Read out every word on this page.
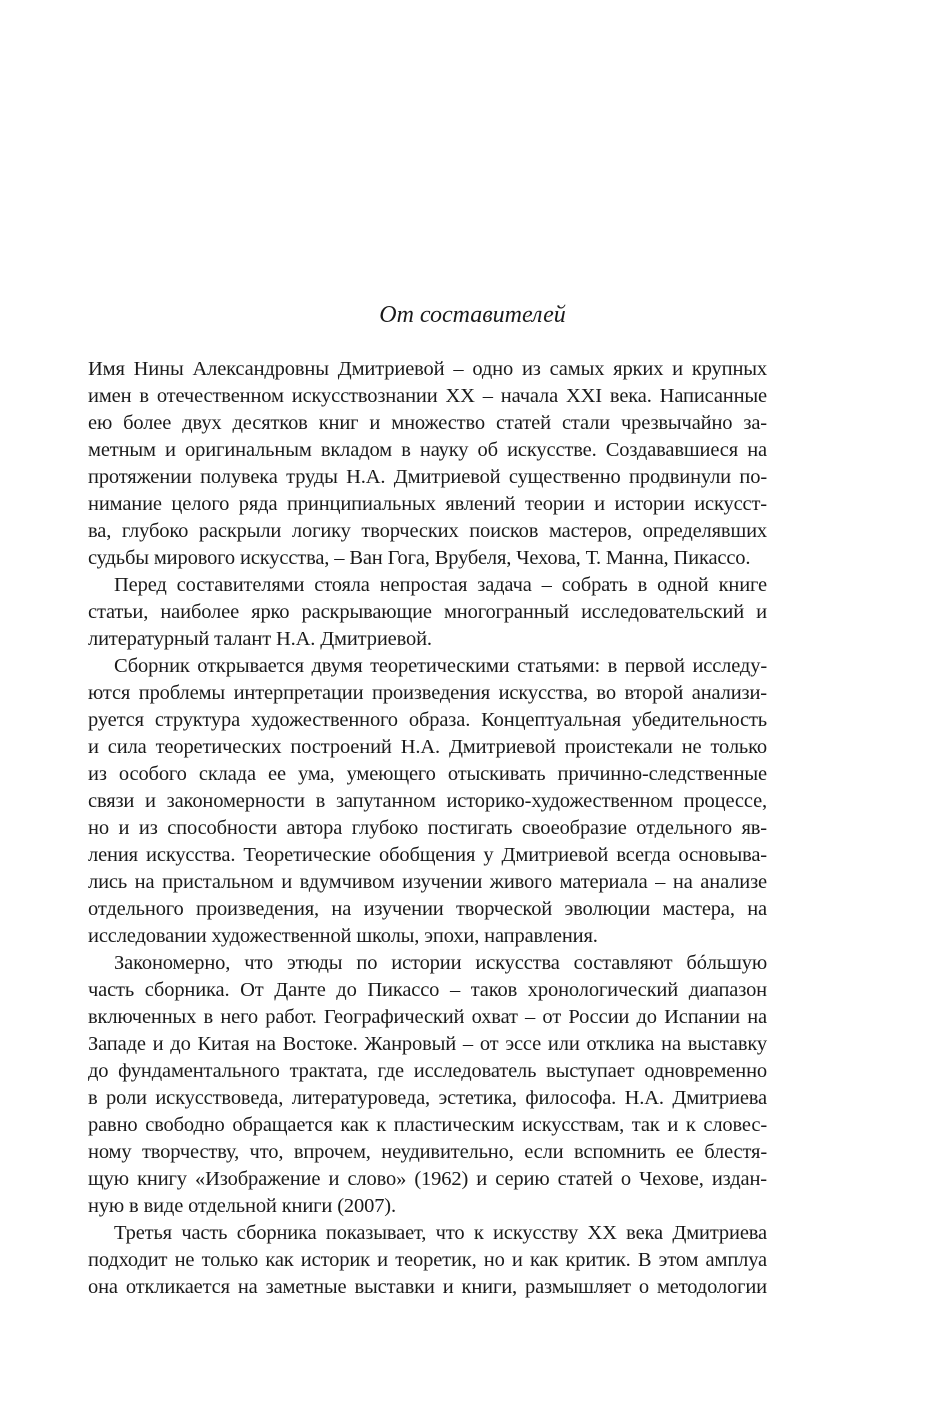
От составителей
Имя Нины Александровны Дмитриевой – одно из самых ярких и крупных
имен в отечественном искусствознании XX – начала XXI века. Написанные
ею более двух десятков книг и множество статей стали чрезвычайно за-
метным и оригинальным вкладом в науку об искусстве. Создававшиеся на
протяжении полувека труды Н.А. Дмитриевой существенно продвинули по-
нимание целого ряда принципиальных явлений теории и истории искусст-
ва, глубоко раскрыли логику творческих поисков мастеров, определявших
судьбы мирового искусства, – Ван Гога, Врубеля, Чехова, Т. Манна, Пикассо.
Перед составителями стояла непростая задача – собрать в одной книге
статьи, наиболее ярко раскрывающие многогранный исследовательский и
литературный талант Н.А. Дмитриевой.
Сборник открывается двумя теоретическими статьями: в первой исследу-
ются проблемы интерпретации произведения искусства, во второй анализи-
руется структура художественного образа. Концептуальная убедительность
и сила теоретических построений Н.А. Дмитриевой проистекали не только
из особого склада ее ума, умеющего отыскивать причинно-следственные
связи и закономерности в запутанном историко-художественном процессе,
но и из способности автора глубоко постигать своеобразие отдельного яв-
ления искусства. Теоретические обобщения у Дмитриевой всегда основыва-
лись на пристальном и вдумчивом изучении живого материала – на анализе
отдельного произведения, на изучении творческой эволюции мастера, на
исследовании художественной школы, эпохи, направления.
Закономерно, что этюды по истории искусства составляют бóльшую
часть сборника. От Данте до Пикассо – таков хронологический диапазон
включенных в него работ. Географический охват – от России до Испании на
Западе и до Китая на Востоке. Жанровый – от эссе или отклика на выставку
до фундаментального трактата, где исследователь выступает одновременно
в роли искусствоведа, литературоведа, эстетика, философа. Н.А. Дмитриева
равно свободно обращается как к пластическим искусствам, так и к словес-
ному творчеству, что, впрочем, неудивительно, если вспомнить ее блестя-
щую книгу «Изображение и слово» (1962) и серию статей о Чехове, издан-
ную в виде отдельной книги (2007).
Третья часть сборника показывает, что к искусству XX века Дмитриева
подходит не только как историк и теоретик, но и как критик. В этом амплуа
она откликается на заметные выставки и книги, размышляет о методологии
